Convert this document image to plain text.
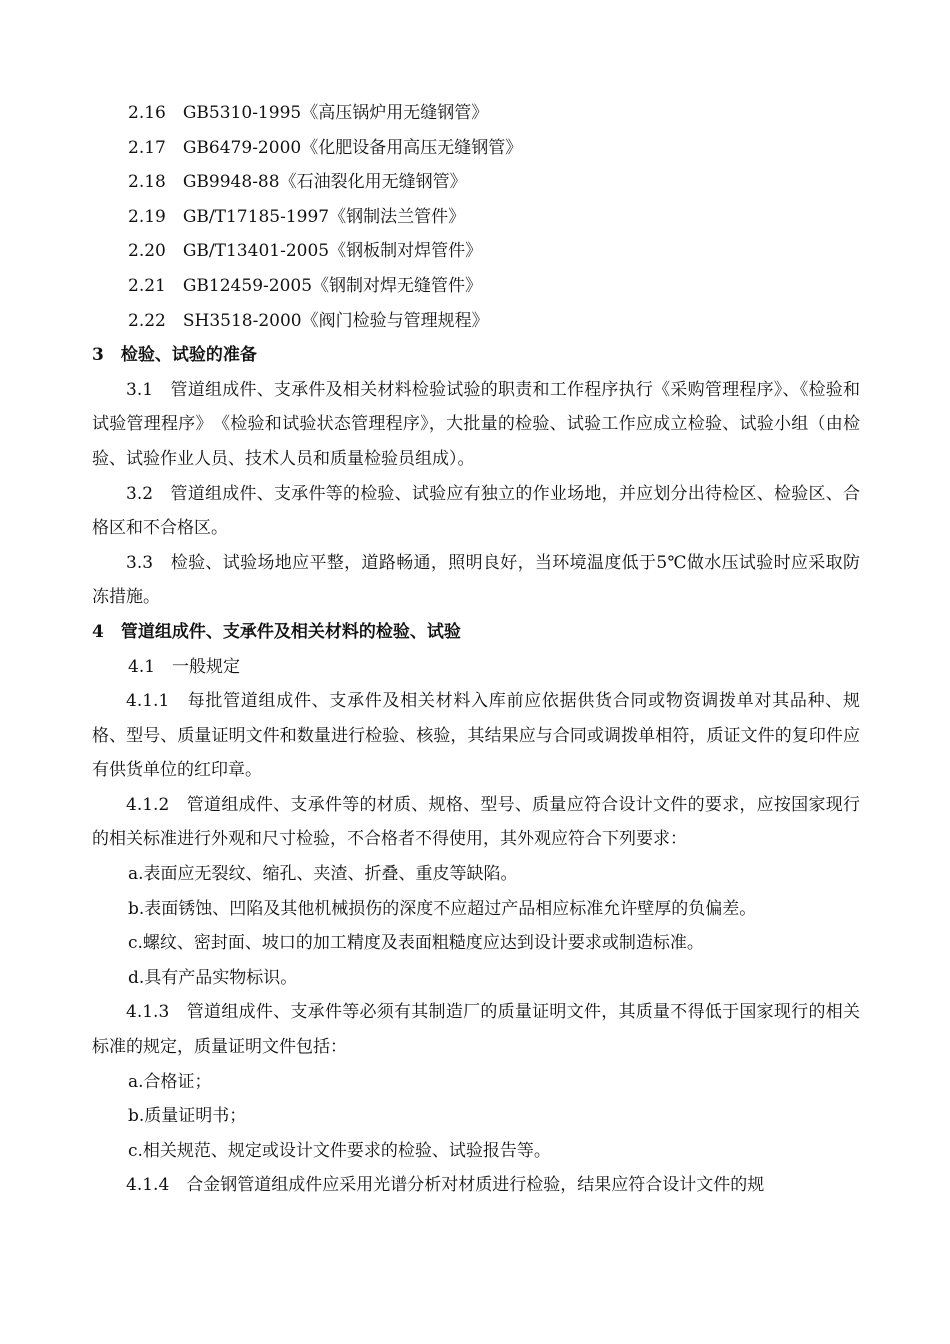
2.16　GB5310-1995《高压锅炉用无缝钢管》
2.17　GB6479-2000《化肥设备用高压无缝钢管》
2.18　GB9948-88《石油裂化用无缝钢管》
2.19　GB/T17185-1997《钢制法兰管件》
2.20　GB/T13401-2005《钢板制对焊管件》
2.21　GB12459-2005《钢制对焊无缝管件》
2.22　SH3518-2000《阀门检验与管理规程》
3　检验、试验的准备

3.1　管道组成件、支承件及相关材料检验试验的职责和工作程序执行《采购管理程序》、《检验和试验管理程序》　《检验和试验状态管理程序》，大批量的检验、试验工作应成立检验、试验小组（由检验、试验作业人员、技术人员和质量检验员组成）。

3.2　管道组成件、支承件等的检验、试验应有独立的作业场地，并应划分出待检区、检验区、合格区和不合格区。

3.3　检验、试验场地应平整，道路畅通，照明良好，当环境温度低于5℃做水压试验时应采取防冻措施。

4　管道组成件、支承件及相关材料的检验、试验
4.1　一般规定

4.1.1　每批管道组成件、支承件及相关材料入库前应依据供货合同或物资调拨单对其品种、规格、型号、质量证明文件和数量进行检验、核验，其结果应与合同或调拨单相符，质证文件的复印件应有供货单位的红印章。

4.1.2　管道组成件、支承件等的材质、规格、型号、质量应符合设计文件的要求，应按国家现行的相关标准进行外观和尺寸检验，不合格者不得使用，其外观应符合下列要求：

a.表面应无裂纹、缩孔、夹渣、折叠、重皮等缺陷。
b.表面锈蚀、凹陷及其他机械损伤的深度不应超过产品相应标准允许壁厚的负偏差。
c.螺纹、密封面、坡口的加工精度及表面粗糙度应达到设计要求或制造标准。
d.具有产品实物标识。

4.1.3　管道组成件、支承件等必须有其制造厂的质量证明文件，其质量不得低于国家现行的相关标准的规定，质量证明文件包括：

a.合格证；
b.质量证明书；
c.相关规范、规定或设计文件要求的检验、试验报告等。

4.1.4　合金钢管道组成件应采用光谱分析对材质进行检验，结果应符合设计文件的规
